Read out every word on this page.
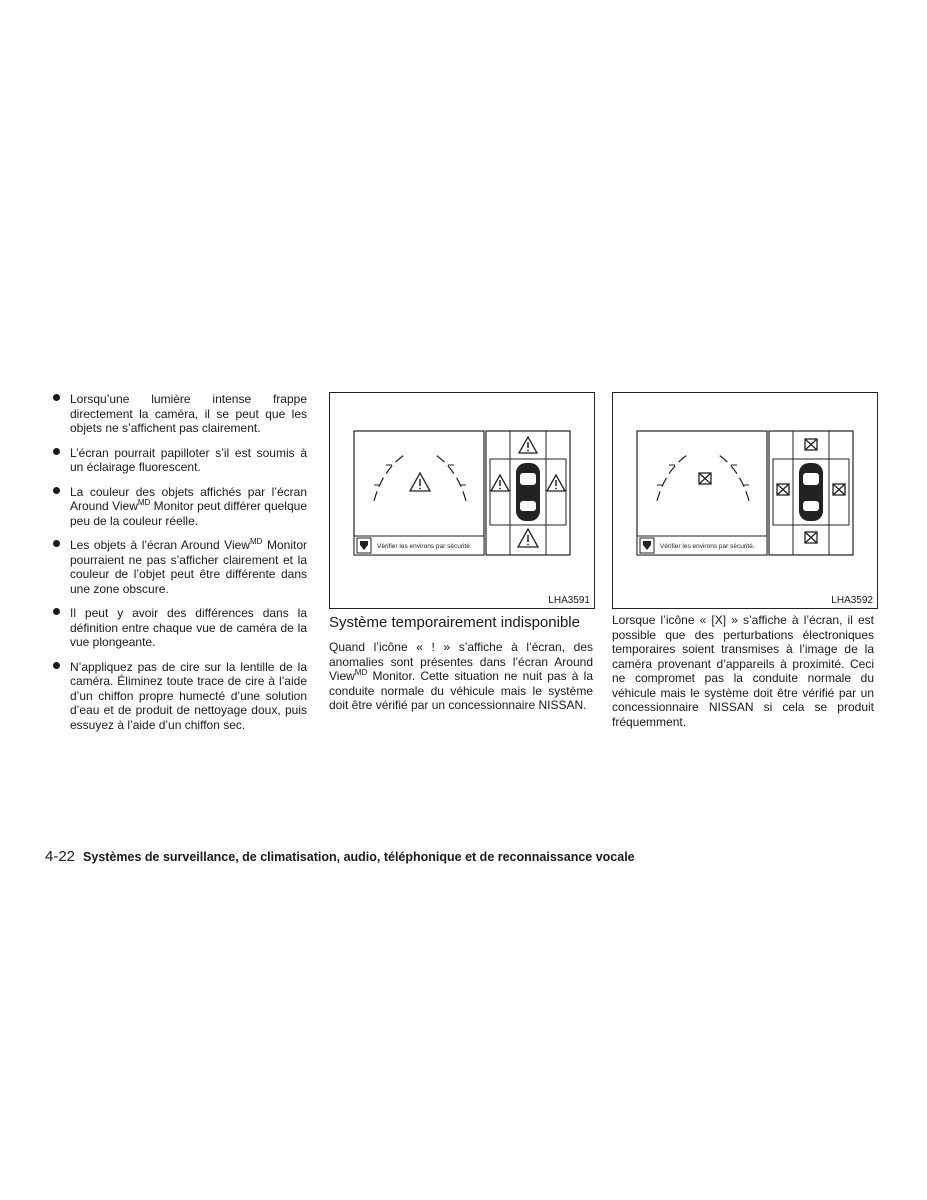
Lorsqu’une lumière intense frappe directement la caméra, il se peut que les objets ne s’affichent pas clairement.
L’écran pourrait papilloter s’il est soumis à un éclairage fluorescent.
La couleur des objets affichés par l’écran Around View$^{MD}$ Monitor peut différer quelque peu de la couleur réelle.
Les objets à l’écran Around View$^{MD}$ Monitor pourraient ne pas s’afficher clairement et la couleur de l’objet peut être différente dans une zone obscure.
Il peut y avoir des différences dans la définition entre chaque vue de caméra de la vue plongeante.
N’appliquez pas de cire sur la lentille de la caméra. Éliminez toute trace de cire à l’aide d’un chiffon propre humecté d’une solution d’eau et de produit de nettoyage doux, puis essuyez à l’aide d’un chiffon sec.
Vérifier les environs par sécurité.
LHA3591
Vérifier les environs par sécurité.
LHA3592
Système temporairement indisponible

Quand l’icône « ! » s’affiche à l’écran, des anomalies sont présentes dans l’écran Around View$^{MD}$ Monitor. Cette situation ne nuit pas à la conduite normale du véhicule mais le système doit être vérifié par un concessionnaire NISSAN.

Lorsque l’icône « [X] » s’affiche à l’écran, il est possible que des perturbations électroniques temporaires soient transmises à l’image de la caméra provenant d’appareils à proximité. Ceci ne compromet pas la conduite normale du véhicule mais le système doit être vérifié par un concessionnaire NISSAN si cela se produit fréquemment.

4-22 Systèmes de surveillance, de climatisation, audio, téléphonique et de reconnaissance vocale
